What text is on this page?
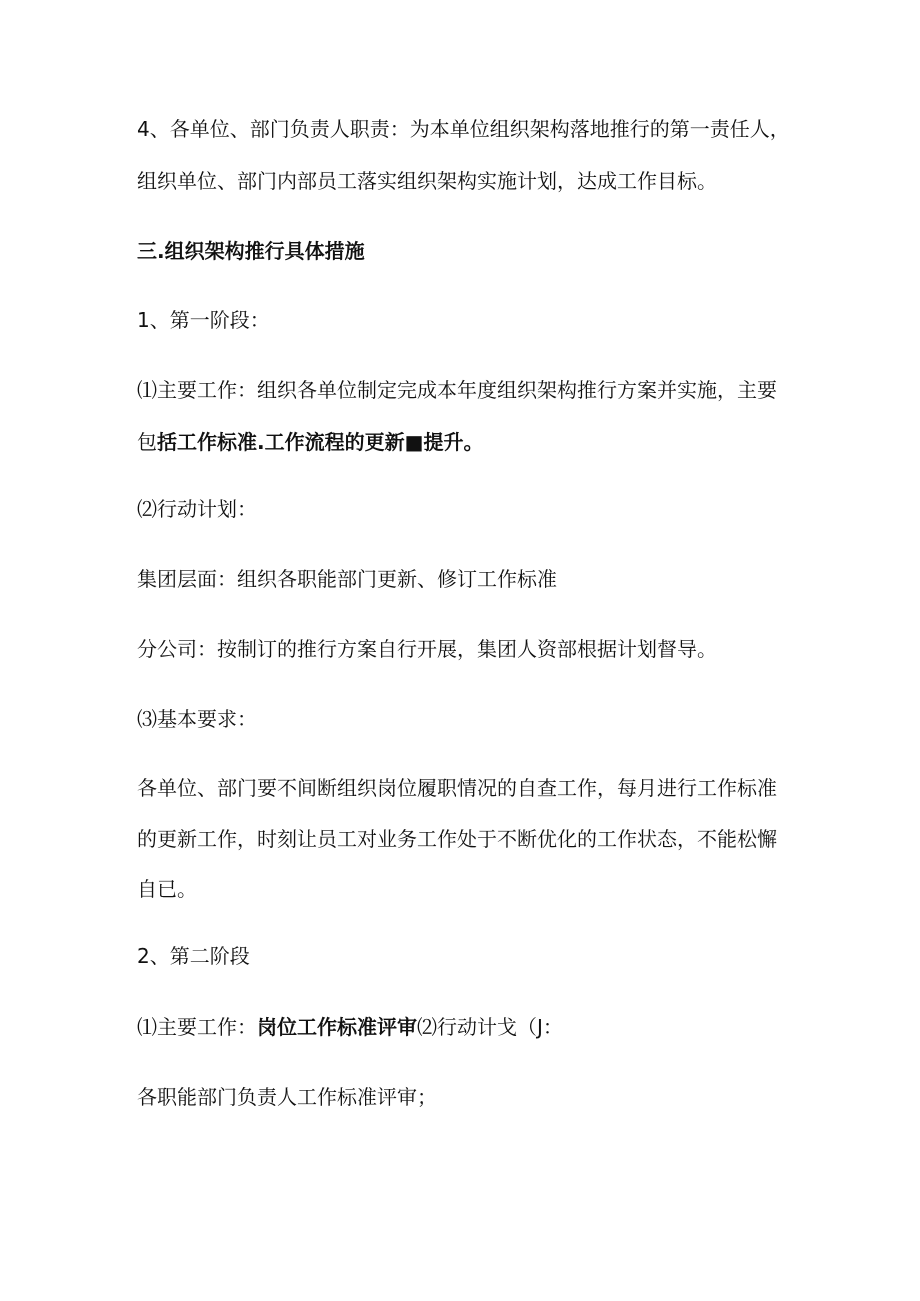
4、各单位、部门负责人职责：为本单位组织架构落地推行的第一责任人，
组织单位、部门内部员工落实组织架构实施计划，达成工作目标。
三.组织架构推行具体措施
1、第一阶段：
⑴主要工作：组织各单位制定完成本年度组织架构推行方案并实施，主要
包括工作标准.工作流程的更新■提升。
⑵行动计划：
集团层面：组织各职能部门更新、修订工作标准
分公司：按制订的推行方案自行开展，集团人资部根据计划督导。
⑶基本要求：
各单位、部门要不间断组织岗位履职情况的自查工作，每月进行工作标准
的更新工作，时刻让员工对业务工作处于不断优化的工作状态，不能松懈
自已。
2、第二阶段
⑴主要工作：岗位工作标准评审⑵行动计戈（J：
各职能部门负责人工作标准评审；
